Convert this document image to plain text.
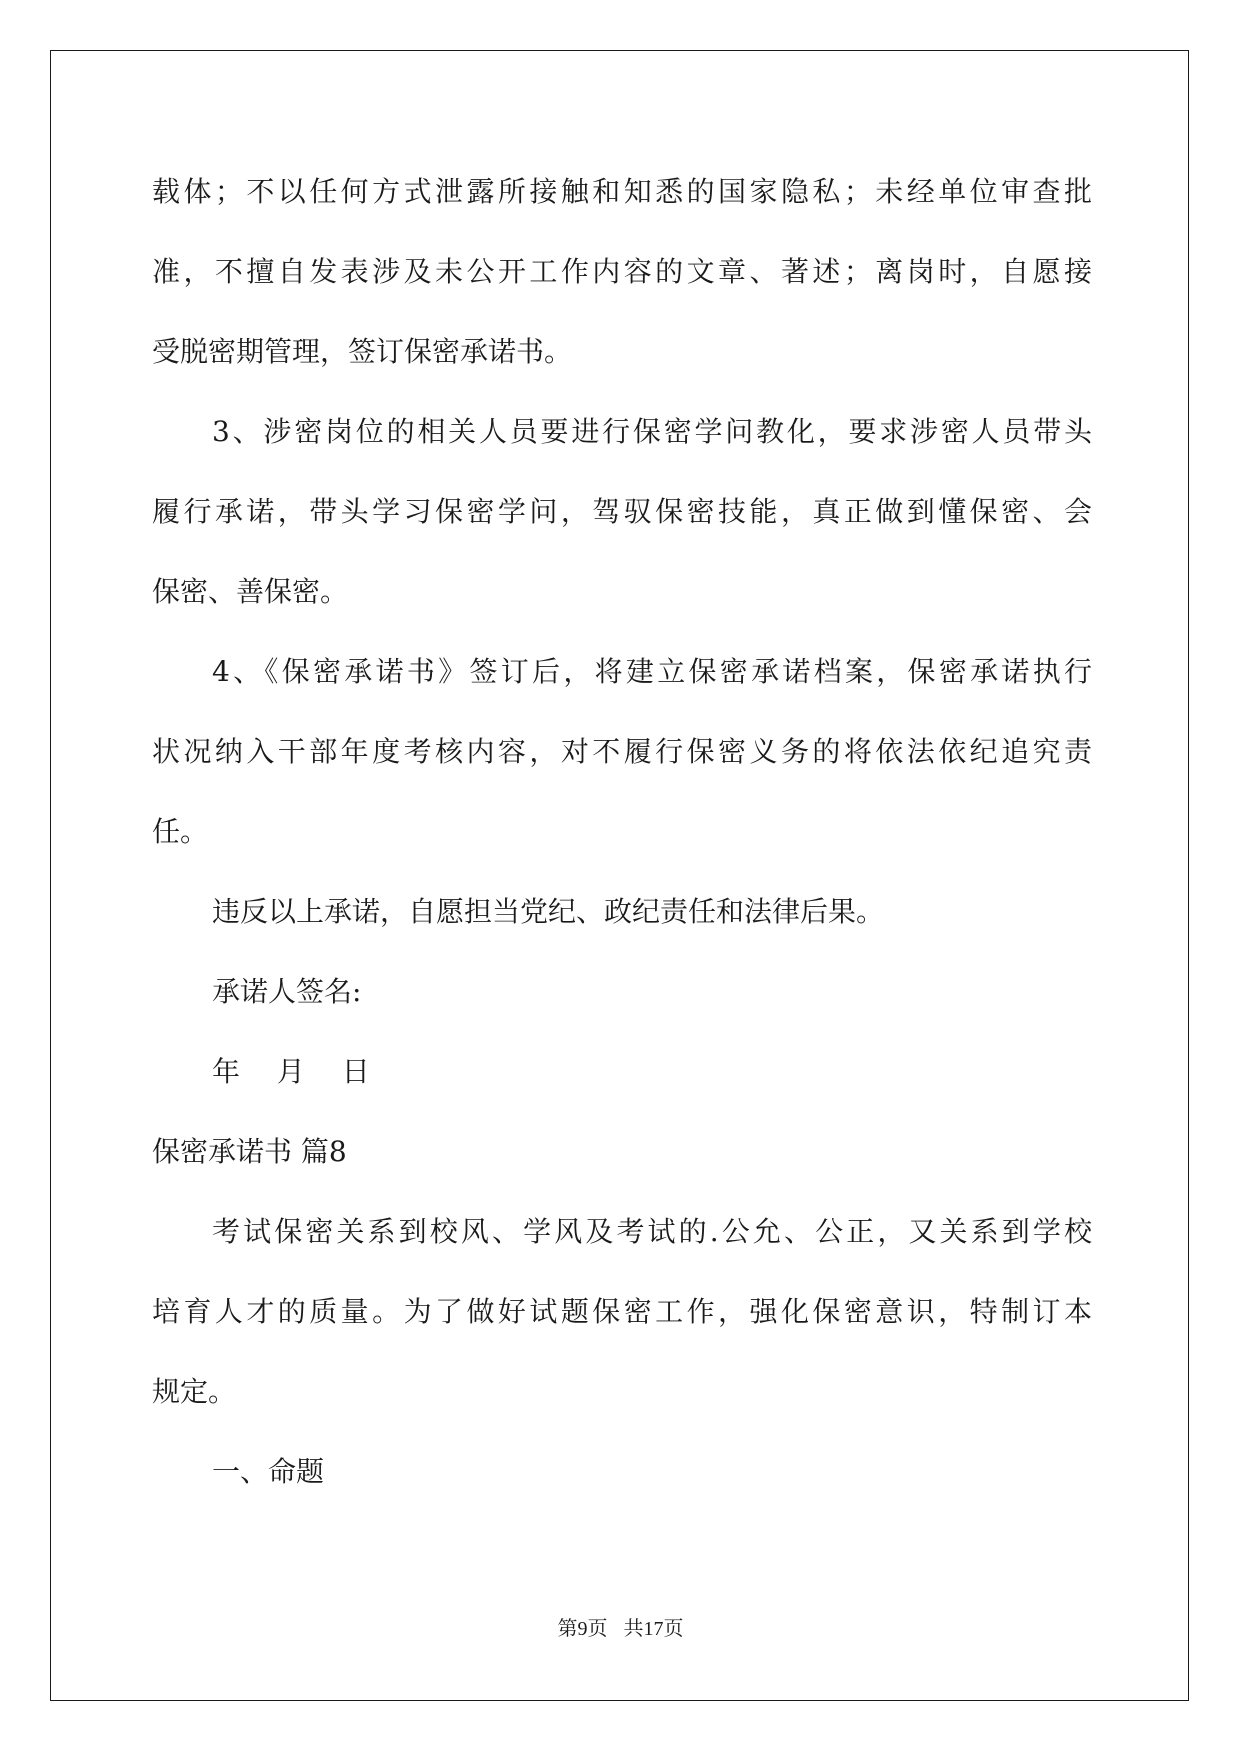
载体；不以任何方式泄露所接触和知悉的国家隐私；未经单位审查批

准，不擅自发表涉及未公开工作内容的文章、著述；离岗时，自愿接

受脱密期管理，签订保密承诺书。

3、涉密岗位的相关人员要进行保密学问教化，要求涉密人员带头

履行承诺，带头学习保密学问，驾驭保密技能，真正做到懂保密、会

保密、善保密。

4、《保密承诺书》签订后，将建立保密承诺档案，保密承诺执行

状况纳入干部年度考核内容，对不履行保密义务的将依法依纪追究责

任。

违反以上承诺，自愿担当党纪、政纪责任和法律后果。

承诺人签名:

年　 月　 日

保密承诺书 篇8

考试保密关系到校风、学风及考试的.公允、公正，又关系到学校

培育人才的质量。为了做好试题保密工作，强化保密意识，特制订本

规定。

一、命题

第9页 共17页
